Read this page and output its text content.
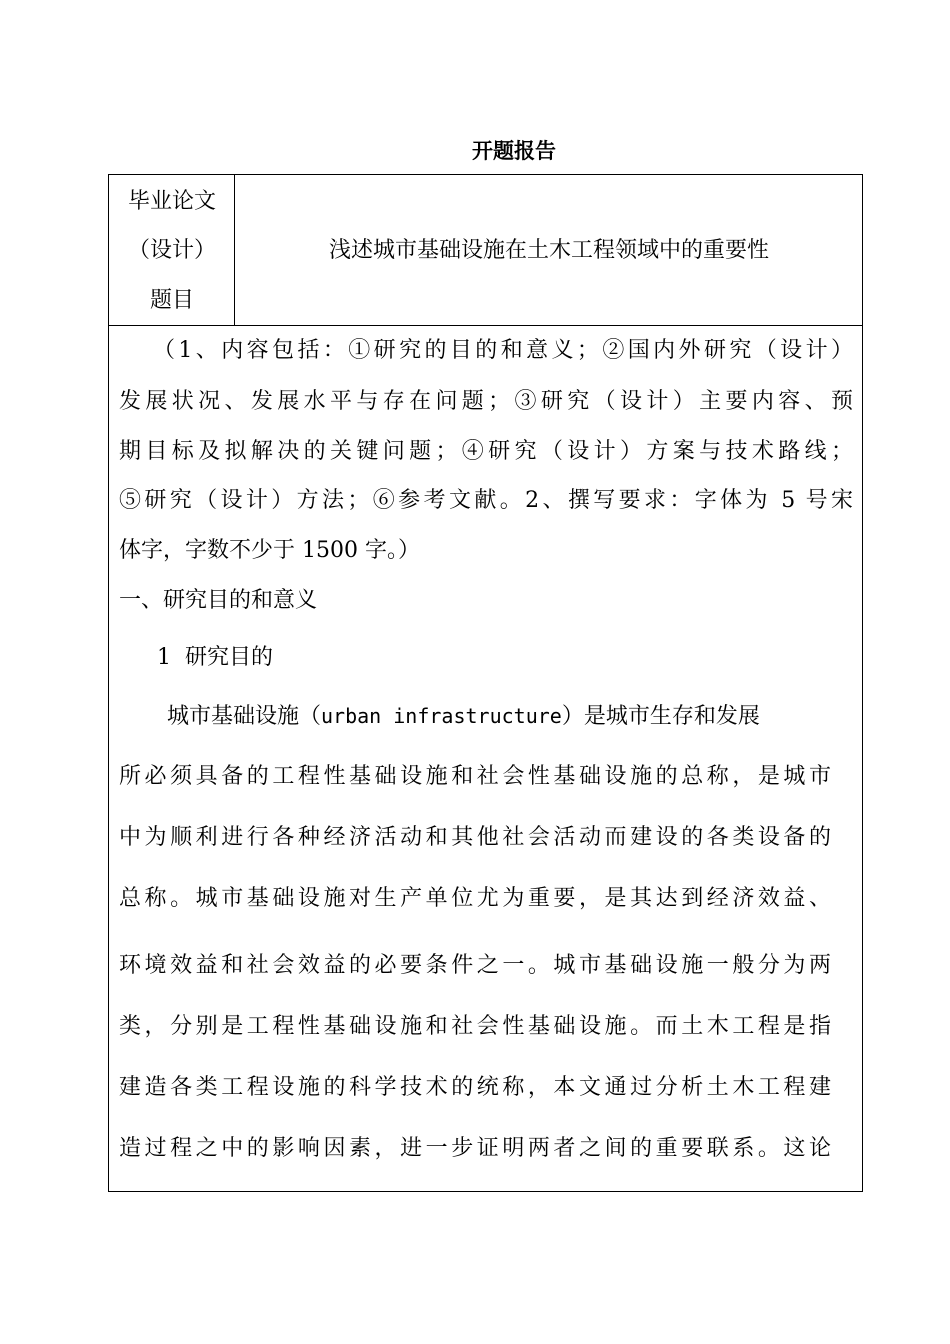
开题报告
毕业论文
（设计）
题目
浅述城市基础设施在土木工程领域中的重要性
（1、内容包括：①研究的目的和意义；②国内外研究（设计）
发展状况、发展水平与存在问题；③研究（设计）主要内容、预
期目标及拟解决的关键问题；④研究（设计）方案与技术路线；
⑤研究（设计）方法；⑥参考文献。2、撰写要求：字体为 5 号宋
体字，字数不少于 1500 字。）
一、研究目的和意义
1  研究目的
城市基础设施（urban infrastructure）是城市生存和发展
所必须具备的工程性基础设施和社会性基础设施的总称，是城市
中为顺利进行各种经济活动和其他社会活动而建设的各类设备的
总称。城市基础设施对生产单位尤为重要，是其达到经济效益、
环境效益和社会效益的必要条件之一。城市基础设施一般分为两
类，分别是工程性基础设施和社会性基础设施。而土木工程是指
建造各类工程设施的科学技术的统称，本文通过分析土木工程建
造过程之中的影响因素，进一步证明两者之间的重要联系。这论
